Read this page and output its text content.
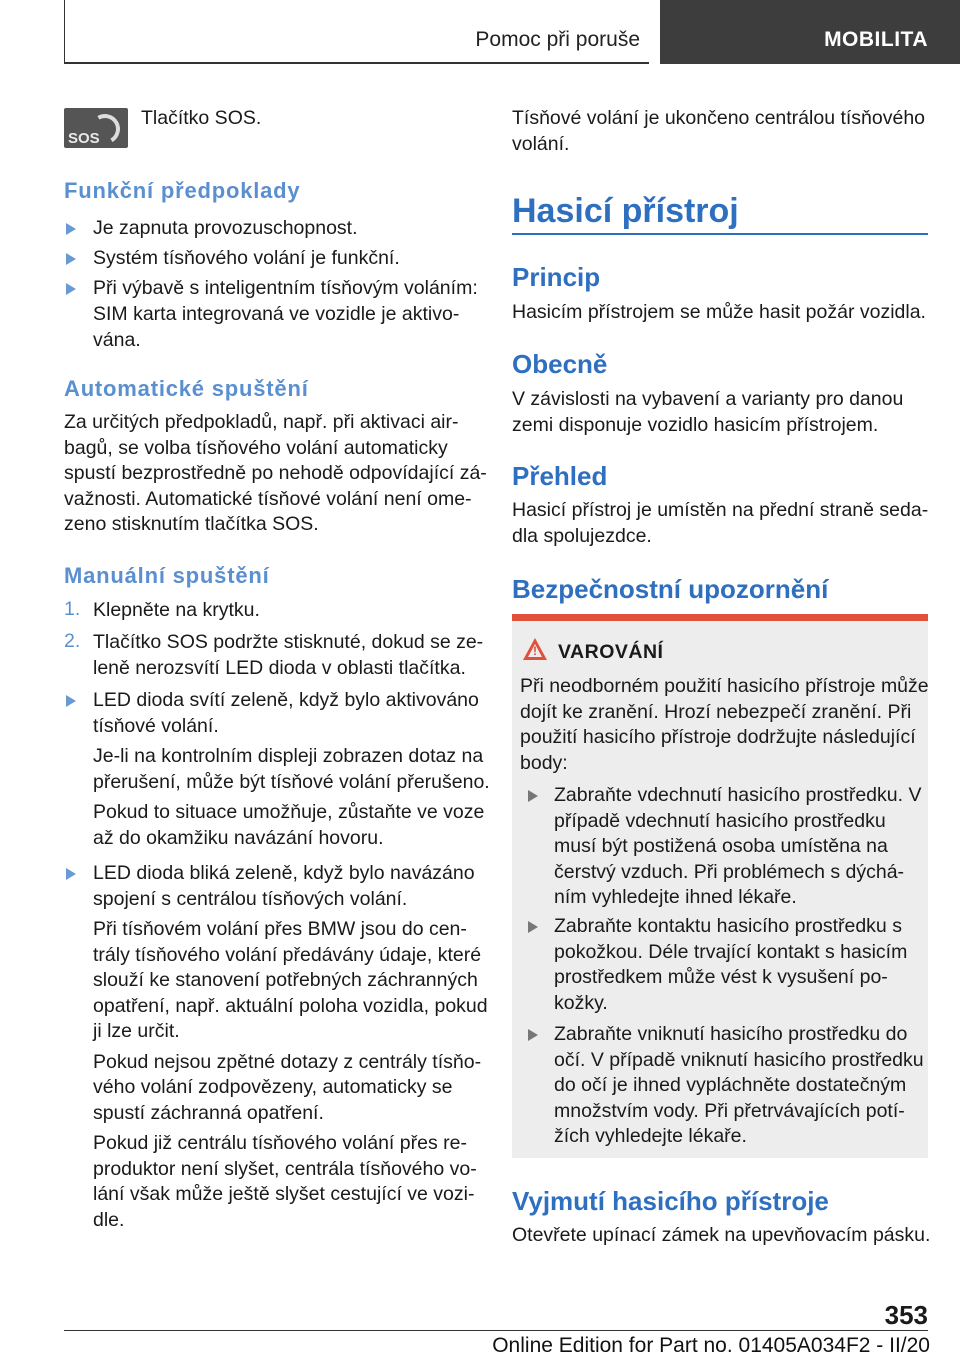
Pomoc při poruše	MOBILITA
SOS
Tlačítko SOS.
Funkční předpoklady
Je zapnuta provozuschopnost.
Systém tísňového volání je funkční.
Při výbavě s inteligentním tísňovým voláním:
SIM karta integrovaná ve vozidle je aktivo-
vána.
Automatické spuštění

Za určitých předpokladů, např. při aktivaci air-

bagů, se volba tísňového volání automaticky

spustí bezprostředně po nehodě odpovídající zá-

važnosti. Automatické tísňové volání není ome-

zeno stisknutím tlačítka SOS.

Manuální spuštění
1. Klepněte na krytku.
2. Tlačítko SOS podržte stisknuté, dokud se ze-
leně nerozsvítí LED dioda v oblasti tlačítka.

LED dioda svítí zeleně, když bylo aktivováno

tísňové volání.

Je-li na kontrolním displeji zobrazen dotaz na

přerušení, může být tísňové volání přerušeno.

Pokud to situace umožňuje, zůstaňte ve voze

až do okamžiku navázání hovoru.

LED dioda bliká zeleně, když bylo navázáno

spojení s centrálou tísňových volání.

Při tísňovém volání přes BMW jsou do cen-

trály tísňového volání předávány údaje, které

slouží ke stanovení potřebných záchranných

opatření, např. aktuální poloha vozidla, pokud

ji lze určit.

Pokud nejsou zpětné dotazy z centrály tísňo-

vého volání zodpovězeny, automaticky se

spustí záchranná opatření.

Pokud již centrálu tísňového volání přes re-

produktor není slyšet, centrála tísňového vo-

lání však může ještě slyšet cestující ve vozi-

dle.

Tísňové volání je ukončeno centrálou tísňového

volání.

Hasicí přístroj
Princip
Hasicím přístrojem se může hasit požár vozidla.
Obecně

V závislosti na vybavení a varianty pro danou

zemi disponuje vozidlo hasicím přístrojem.

Přehled

Hasicí přístroj je umístěn na přední straně seda-

dla spolujezdce.

Bezpečnostní upozornění
! VAROVÁNÍ

Při neodborném použití hasicího přístroje může

dojít ke zranění. Hrozí nebezpečí zranění. Při

použití hasicího přístroje dodržujte následující

body:

Zabraňte vdechnutí hasicího prostředku. V

případě vdechnutí hasicího prostředku

musí být postižená osoba umístěna na

čerstvý vzduch. Při problémech s dýchá-

ním vyhledejte ihned lékaře.

Zabraňte kontaktu hasicího prostředku s

pokožkou. Déle trvající kontakt s hasicím

prostředkem může vést k vysušení po-

kožky.

Zabraňte vniknutí hasicího prostředku do

očí. V případě vniknutí hasicího prostředku

do očí je ihned vypláchněte dostatečným

množstvím vody. Při přetrvávajících potí-

žích vyhledejte lékaře.

Vyjmutí hasicího přístroje
Otevřete upínací zámek na upevňovacím pásku.
353
Online Edition for Part no. 01405A034F2 - II/20
